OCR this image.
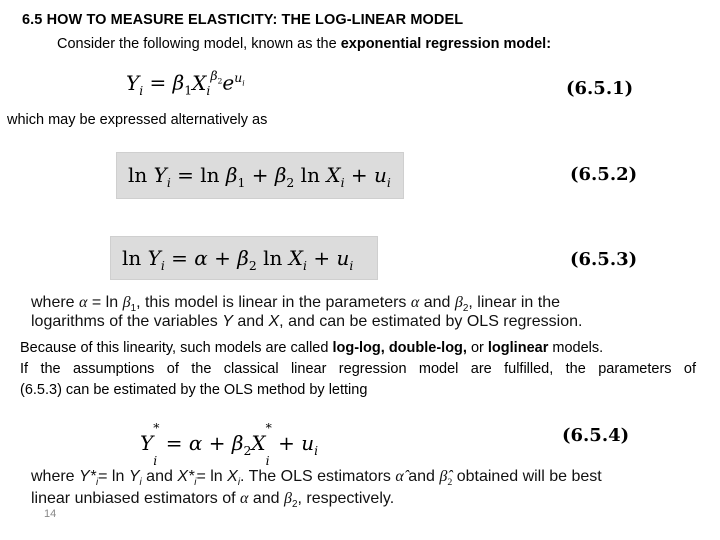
6.5 HOW TO MEASURE ELASTICITY: THE LOG-LINEAR MODEL
Consider the following model, known as the exponential regression model:
$Y_i = \beta_1X_i^{\beta_2}e^{u_i}$	(6.5.1)
which may be expressed alternatively as
$\ln Y_i = \ln \beta_1 + \beta_2$ $\ln X_i + u_i$	(6.5.2)
$\ln Y_i = \alpha + \beta_2$ $\ln X_i + u_i$	(6.5.3)
where $\alpha = \ln \beta_1$, this model is linear in the parameters α and $\beta_2$, linear in the
logarithms of the variables Y and X, and can be estimated by OLS regression.
Because of this linearity, such models are called log-log, double-log, or loglinear models.
If the assumptions of the classical linear regression model are fulfilled, the parameters of
(6.5.3) can be estimated by the OLS method by letting
Y*
$_i = \alpha + \beta_2X^*$
$_i + u_i$
(6.5.4)
where $Y*_i= \ln Y_i$ and $X*_i= \ln X_i$. The OLS estimators α̂ and $\betâ_2$ obtained will be best
linear unbiased estimators of α and $\beta_2$, respectively.
14
